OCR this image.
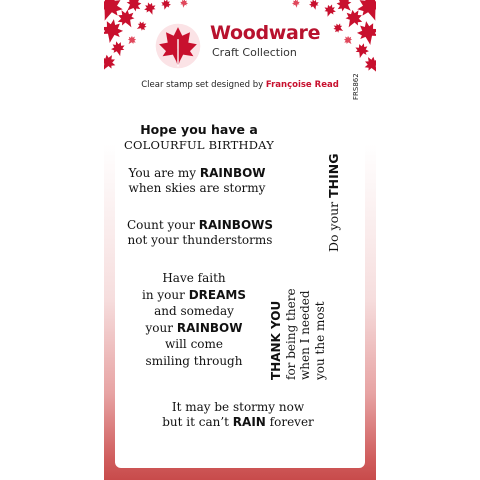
Woodware
Craft Collection
Clear stamp set designed by Françoise Read	FRS862
Hope you have a
COLOURFUL BIRTHDAY
You are my RAINBOW
when skies are stormy
Count your RAINBOWS
not your thunderstorms
Have faith
in your DREAMS
and someday
your RAINBOW
will come
smiling through
It may be stormy now
but it can’t RAIN forever
Do your THING
THANK YOU for being there when I needed you the most
